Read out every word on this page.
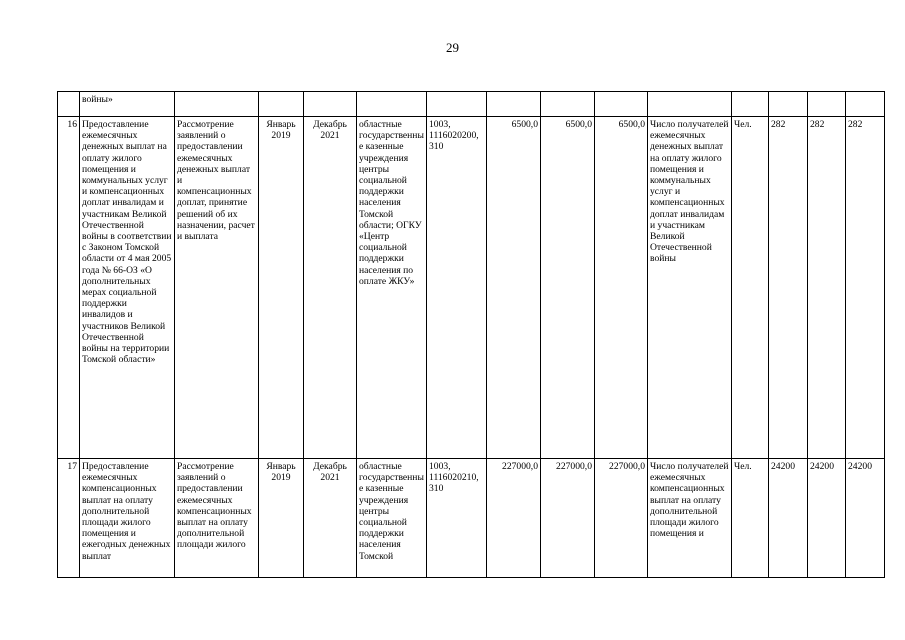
29
	войны»													
16	Предоставление ежемесячных денежных выплат на оплату жилого помещения и коммунальных услуг и компенсационных доплат инвалидам и участникам Великой Отечественной войны в соответствии с Законом Томской области от 4 мая 2005 года № 66-ОЗ «О дополнительных мерах социальной поддержки инвалидов и участников Великой Отечественной войны на территории Томской области»	Рассмотрение заявлений о предоставлении ежемесячных денежных выплат и компенсационных доплат, принятие решений об их назначении, расчет и выплата	Январь 2019	Декабрь 2021	областные государственные казенные учреждения центры социальной поддержки населения Томской области; ОГКУ «Центр социальной поддержки населения по оплате ЖКУ»	1003, 1116020200, 310	6500,0	6500,0	6500,0	Число получателей ежемесячных денежных выплат на оплату жилого помещения и коммунальных услуг и компенсационных доплат инвалидам и участникам Великой Отечественной войны	Чел.	282	282	282
17	Предоставление ежемесячных компенсационных выплат на оплату дополнительной площади жилого помещения и ежегодных денежных выплат	Рассмотрение заявлений о предоставлении ежемесячных компенсационных выплат на оплату дополнительной площади жилого	Январь 2019	Декабрь 2021	областные государственные казенные учреждения центры социальной поддержки населения Томской	1003, 1116020210, 310	227000,0	227000,0	227000,0	Число получателей ежемесячных компенсационных выплат на оплату дополнительной площади жилого помещения и	Чел.	24200	24200	24200
